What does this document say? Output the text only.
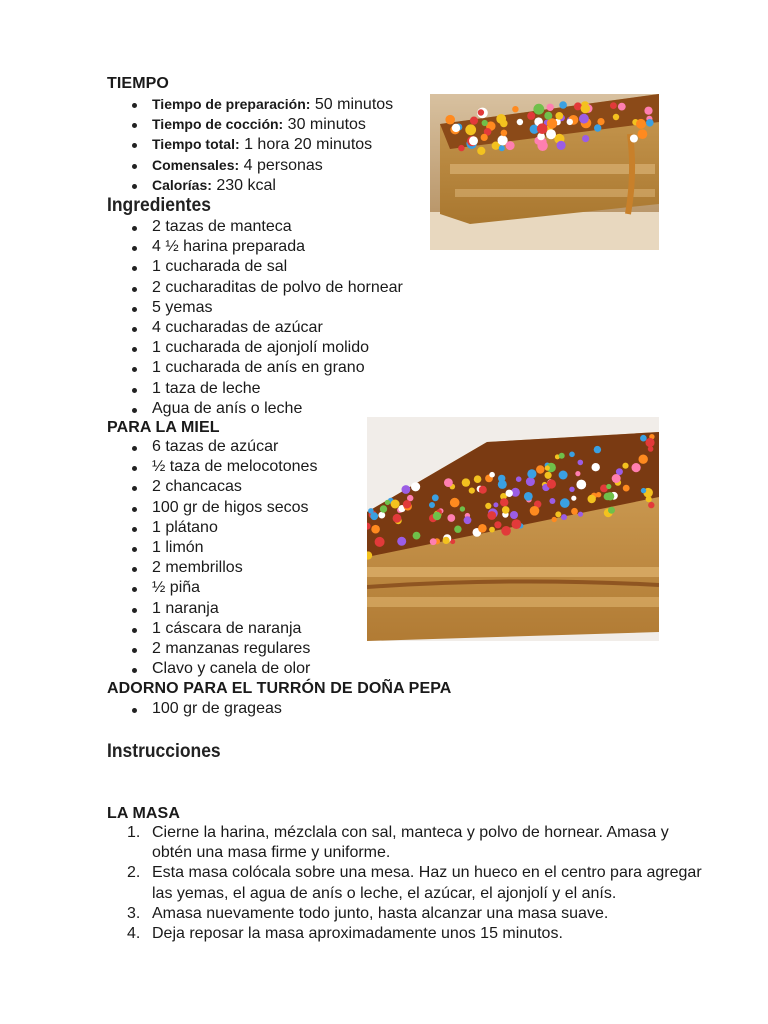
TIEMPO
Tiempo de preparación: 50 minutos
Tiempo de cocción: 30 minutos
Tiempo total: 1 hora 20 minutos
Comensales: 4 personas
Calorías: 230 kcal
Ingredientes
2 tazas de manteca
4 ½ harina preparada
1 cucharada de sal
2 cucharaditas de polvo de hornear
5 yemas
4 cucharadas de azúcar
1 cucharada de ajonjolí molido
1 cucharada de anís en grano
1 taza de leche
Agua de anís o leche
PARA LA MIEL
6 tazas de azúcar
½ taza de melocotones
2 chancacas
100 gr de higos secos
1 plátano
1 limón
2 membrillos
½ piña
1 naranja
1 cáscara de naranja
2 manzanas regulares
Clavo y canela de olor
ADORNO PARA EL TURRÓN DE DOÑA PEPA
100 gr de grageas
Instrucciones
LA MASA
1. Cierne la harina, mézclala con sal, manteca y polvo de hornear. Amasa y obtén una masa firme y uniforme.
2. Esta masa colócala sobre una mesa. Haz un hueco en el centro para agregar las yemas, el agua de anís o leche, el azúcar, el ajonjolí y el anís.
3. Amasa nuevamente todo junto, hasta alcanzar una masa suave.
4. Deja reposar la masa aproximadamente unos 15 minutos.
